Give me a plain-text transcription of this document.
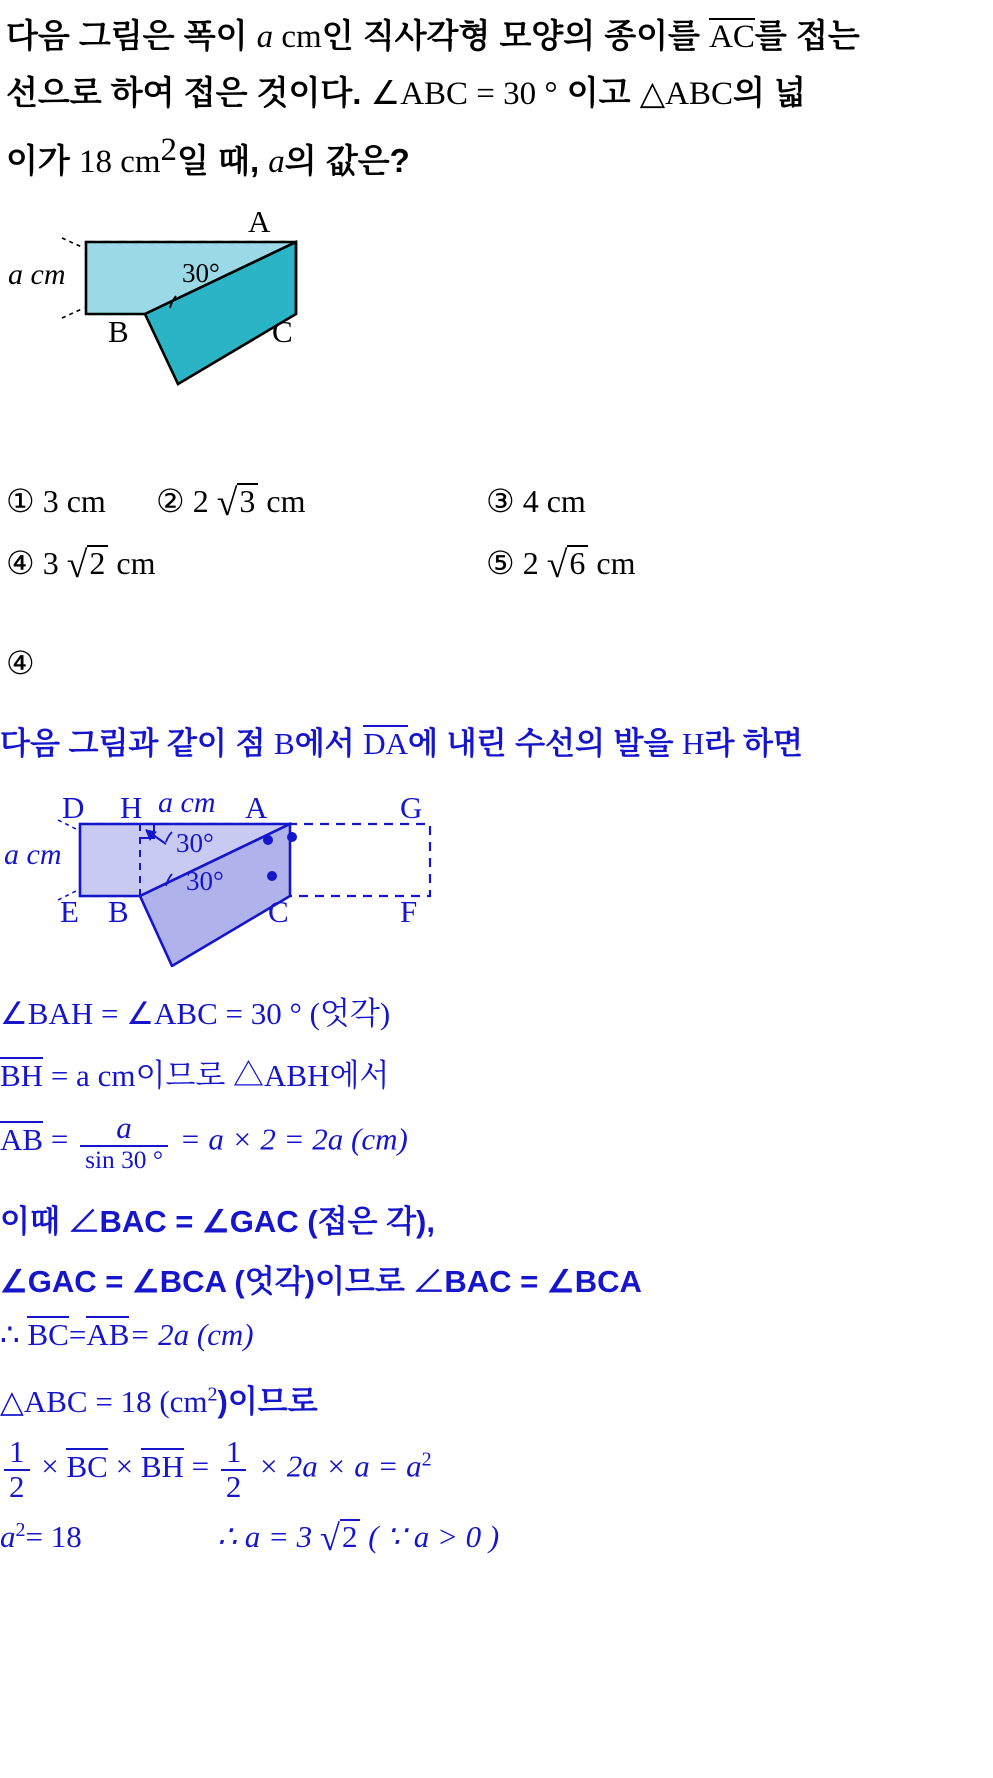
다음 그림은 폭이 a cm인 직사각형 모양의 종이를 AC를 접는
선으로 하여 접은 것이다. ∠ABC = 30 ° 이고 △ABC의 넓
이가 18 $cm^2$일 때, a의 값은?
a cm
A
B	C
30°
① 3 cm ② 2 √3 cm	③ 4 cm
④ 3 √2 cm	⑤ 2 √6 cm
④
다음 그림과 같이 점 B에서 DA에 내린 수선의 발을 H라 하면
a cm
a cm
D H	A	G
E B	C	F
30°
30°
∠BAH = ∠ABC = 30 ° (엇각)
BH = a cm이므로 △ABH에서
AB = $\frac{a}{\sin 30 ^\circ} = a \times 2 = 2a$ (cm)
이때 ∠BAC = ∠GAC (접은 각),
∠GAC = ∠BCA (엇각)이므로 ∠BAC = ∠BCA
∴ BC=AB= 2a (cm)
△ABC = 18 $(cm^2)$이므로
$\frac{1}{2}$ × BC × BH = $\frac{1}{2} \times 2a \times a = a^2$
$a^2= 18$	∴ a = 3 √2 ( ∵ a > 0 )
